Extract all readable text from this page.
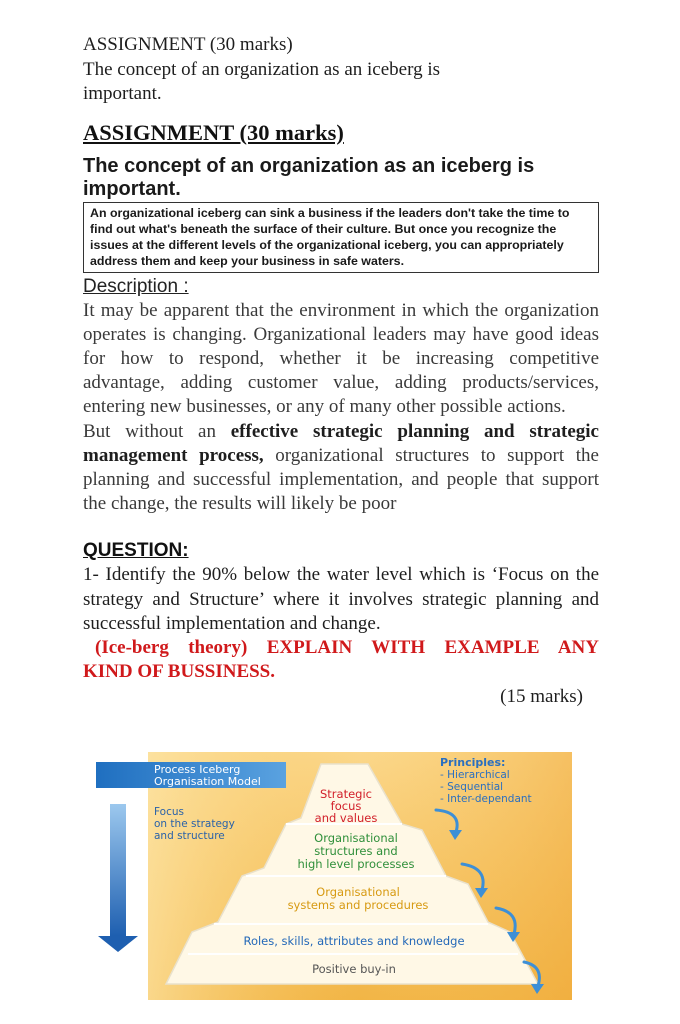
ASSIGNMENT (30 marks)
The concept of an organization as an iceberg is
important.
ASSIGNMENT (30 marks)
The concept of an organization as an iceberg is important.
An organizational iceberg can sink a business if the leaders don't take the time to find out what's beneath the surface of their culture. But once you recognize the issues at the different levels of the organizational iceberg, you can appropriately address them and keep your business in safe waters.
Description :
It may be apparent that the environment in which the organization operates is changing. Organizational leaders may have good ideas for how to respond, whether it be increasing competitive advantage, adding customer value, adding products/services, entering new businesses, or any of many other possible actions.
But without an effective strategic planning and strategic management process, organizational structures to support the planning and successful implementation, and people that support the change, the results will likely be poor
QUESTION:
1- Identify the 90% below the water level which is ‘Focus on the strategy and Structure’ where it involves strategic planning and successful implementation and change.
(Ice-berg theory) EXPLAIN WITH EXAMPLE ANY
KIND OF BUSSINESS.
(15 marks)
Process Iceberg
Organisation Model
Focus
on the strategy
and structure
Principles:
- Hierarchical
- Sequential
- Inter-dependant
Strategic
focus
and values
Organisational
structures and
high level processes
Organisational
systems and procedures
Roles, skills, attributes and knowledge
Positive buy-in
